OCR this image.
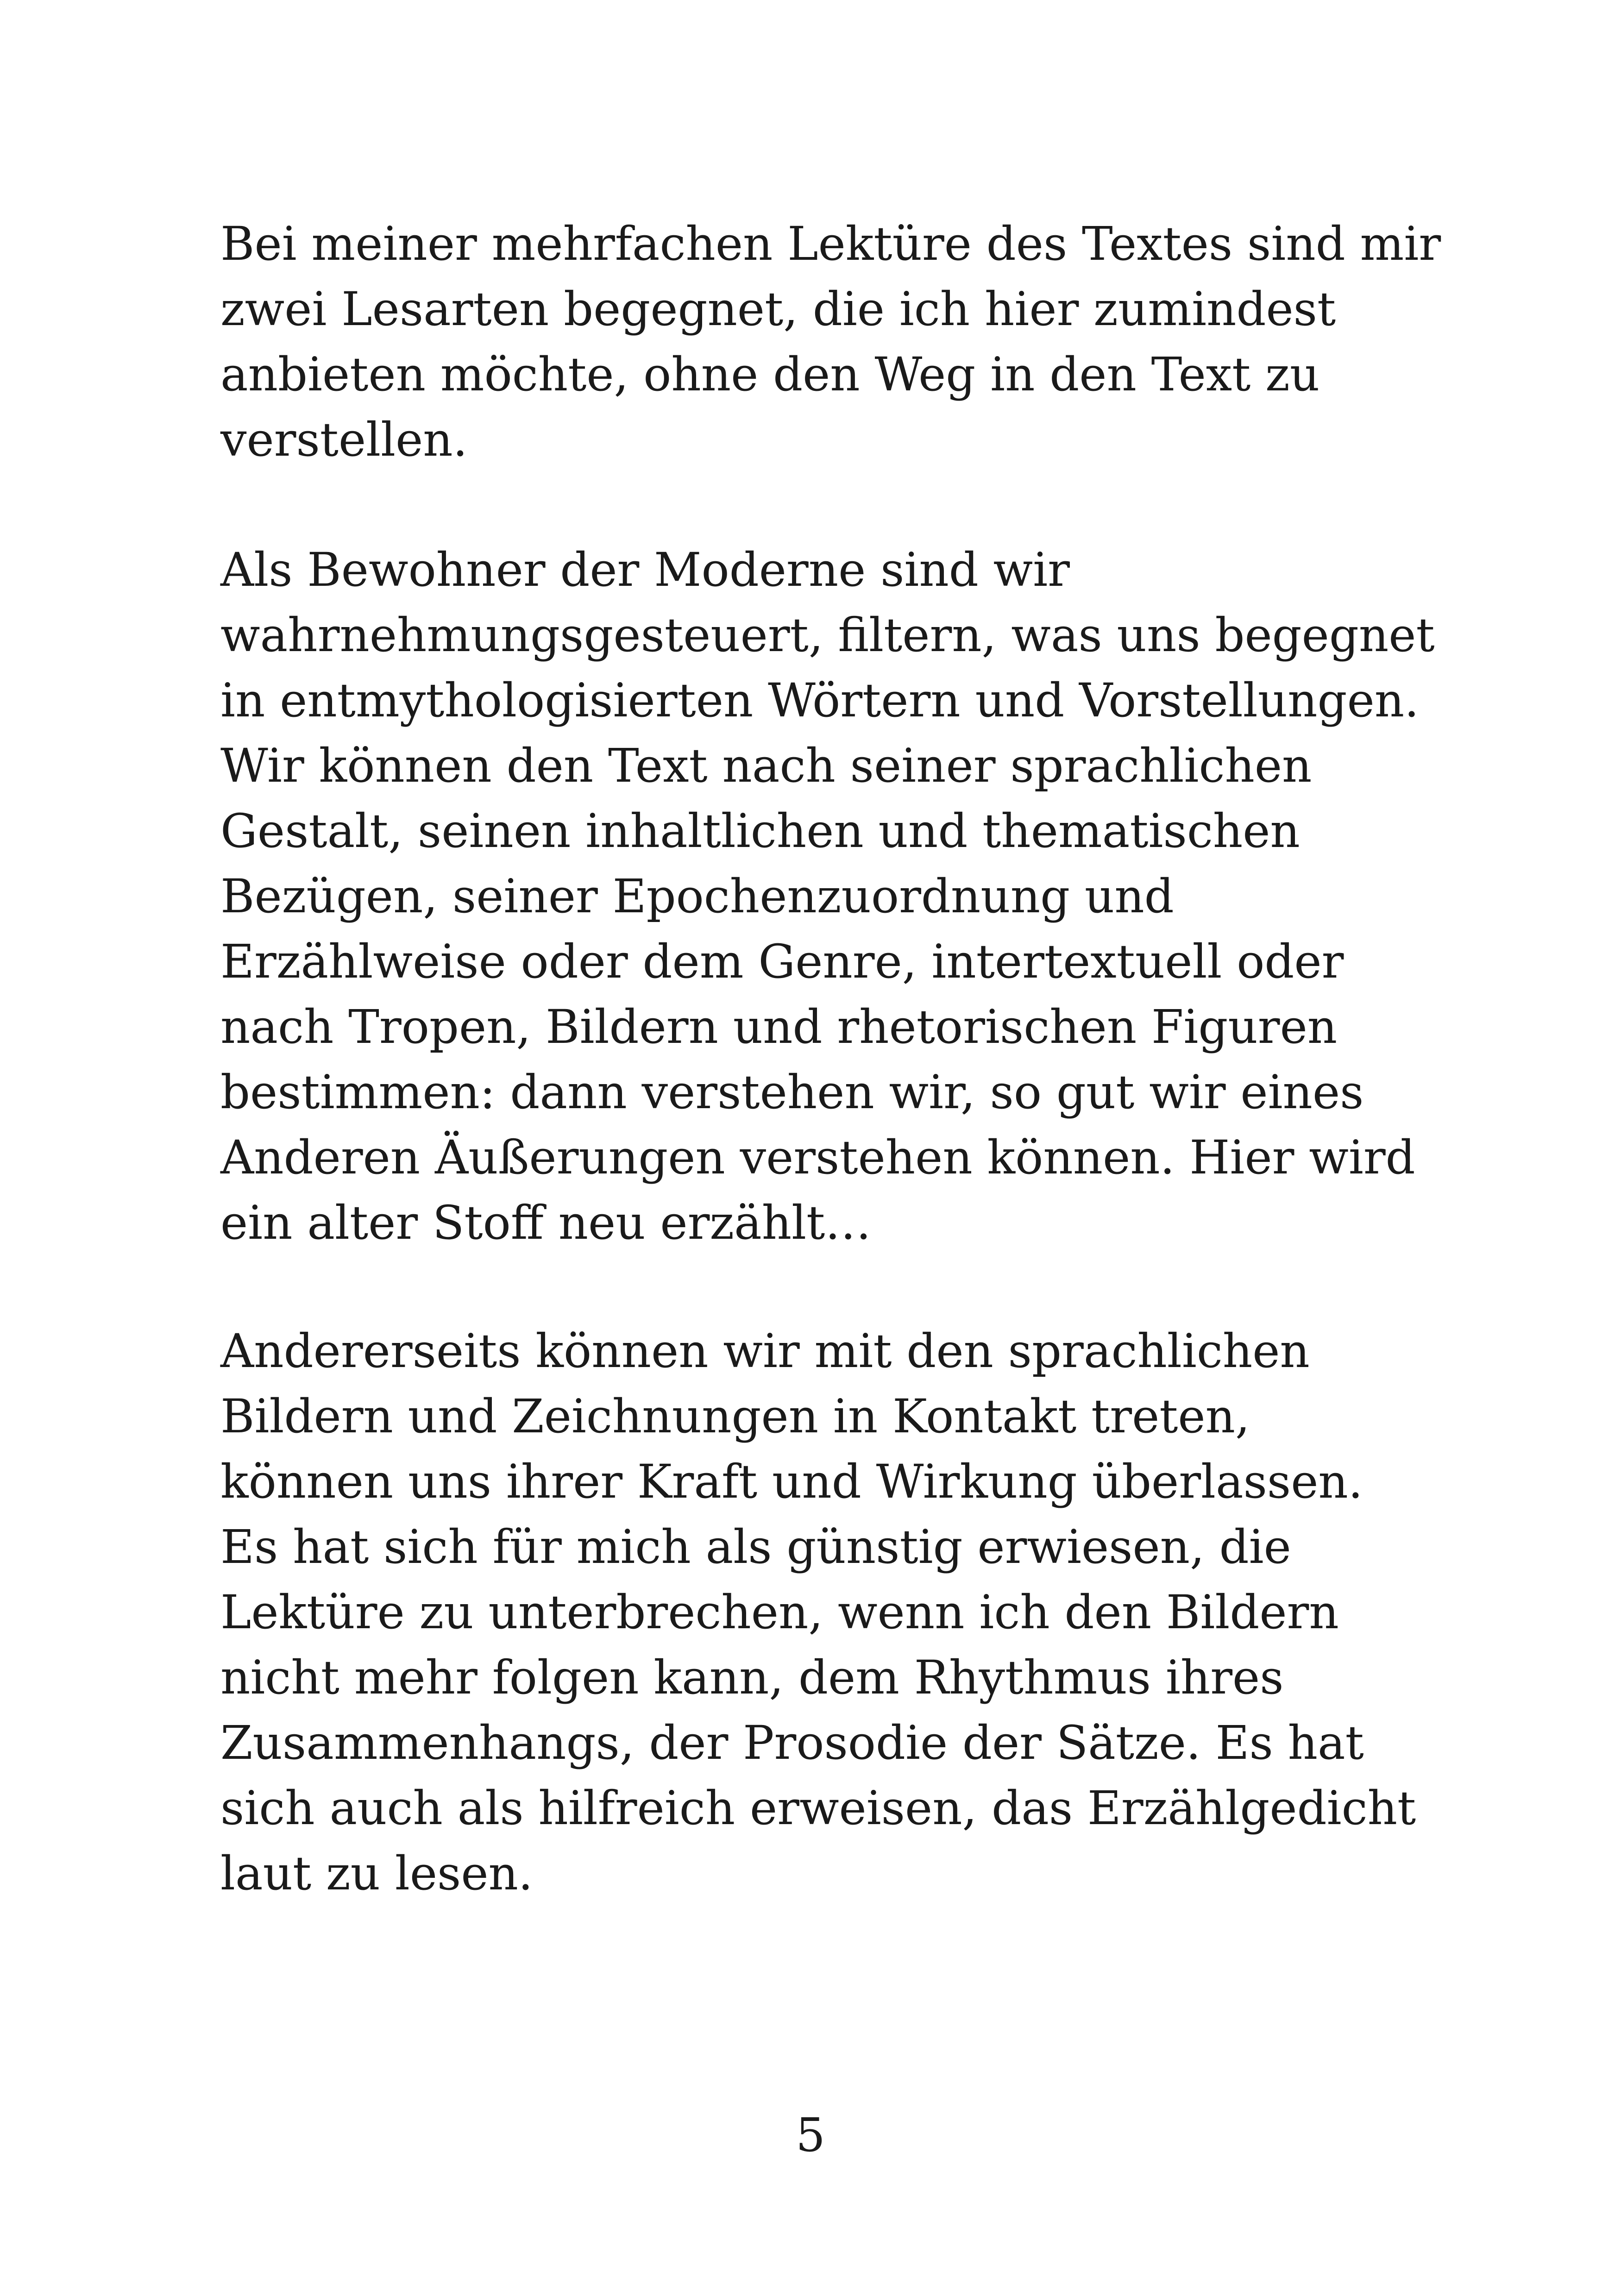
Bei meiner mehrfachen Lektüre des Textes sind mir
zwei Lesarten begegnet, die ich hier zumindest
anbieten möchte, ohne den Weg in den Text zu
verstellen.
Als Bewohner der Moderne sind wir
wahrnehmungsgesteuert, filtern, was uns begegnet
in entmythologisierten Wörtern und Vorstellungen.
Wir können den Text nach seiner sprachlichen
Gestalt, seinen inhaltlichen und thematischen
Bezügen, seiner Epochenzuordnung und
Erzählweise oder dem Genre, intertextuell oder
nach Tropen, Bildern und rhetorischen Figuren
bestimmen: dann verstehen wir, so gut wir eines
Anderen Äußerungen verstehen können. Hier wird
ein alter Stoff neu erzählt…
Andererseits können wir mit den sprachlichen
Bildern und Zeichnungen in Kontakt treten,
können uns ihrer Kraft und Wirkung überlassen.
Es hat sich für mich als günstig erwiesen, die
Lektüre zu unterbrechen, wenn ich den Bildern
nicht mehr folgen kann, dem Rhythmus ihres
Zusammenhangs, der Prosodie der Sätze. Es hat
sich auch als hilfreich erweisen, das Erzählgedicht
laut zu lesen.
5
